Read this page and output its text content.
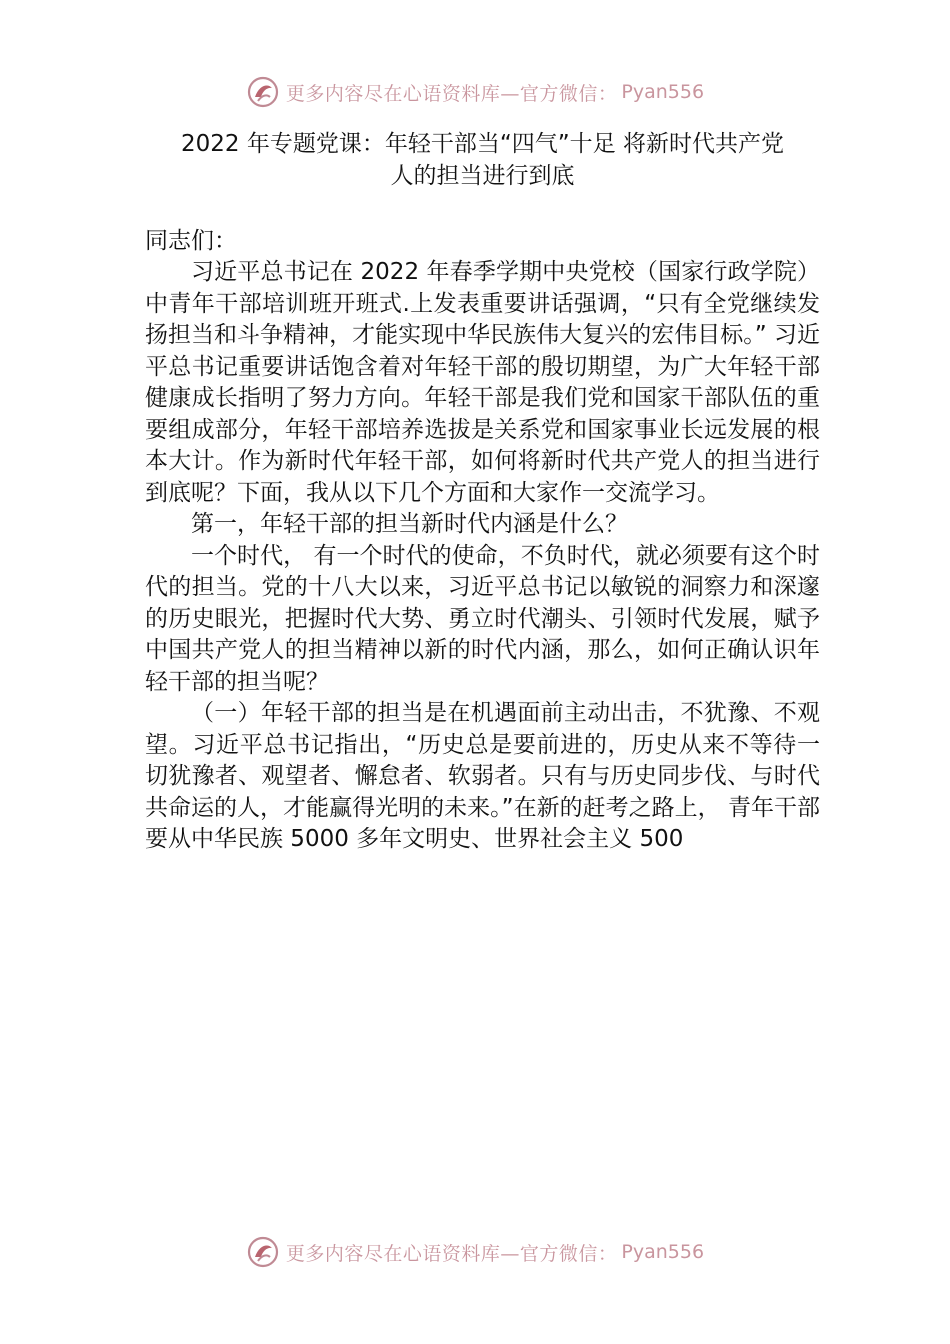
更多内容尽在心语资料库—官方微信： Pyan556
2022 年专题党课：年轻干部当“四气”十足 将新时代共产党
人的担当进行到底

同志们：

习近平总书记在 2022 年春季学期中央党校（国家行政学院） 中青年干部培训班开班式.上发表重要讲话强调，“只有全党继续发扬担当和斗争精神，才能实现中华民族伟大复兴的宏伟目标。” 习近平总书记重要讲话饱含着对年轻干部的殷切期望，为广大年轻干部健康成长指明了努力方向。年轻干部是我们党和国家干部队伍的重要组成部分，年轻干部培养选拔是关系党和国家事业长远发展的根本大计。作为新时代年轻干部，如何将新时代共产党人的担当进行到底呢？下面，我从以下几个方面和大家作一交流学习。

第一，年轻干部的担当新时代内涵是什么？

一个时代， 有一个时代的使命，不负时代，就必须要有这个时代的担当。党的十八大以来，习近平总书记以敏锐的洞察力和深邃的历史眼光，把握时代大势、勇立时代潮头、引领时代发展，赋予中国共产党人的担当精神以新的时代内涵，那么，如何正确认识年轻干部的担当呢？

（一）年轻干部的担当是在机遇面前主动出击，不犹豫、不观望。习近平总书记指出，“历史总是要前进的，历史从来不等待一切犹豫者、观望者、懈怠者、软弱者。只有与历史同步伐、与时代共命运的人，才能赢得光明的未来。”在新的赶考之路上， 青年干部要从中华民族 5000 多年文明史、世界社会主义 500

更多内容尽在心语资料库—官方微信： Pyan556
